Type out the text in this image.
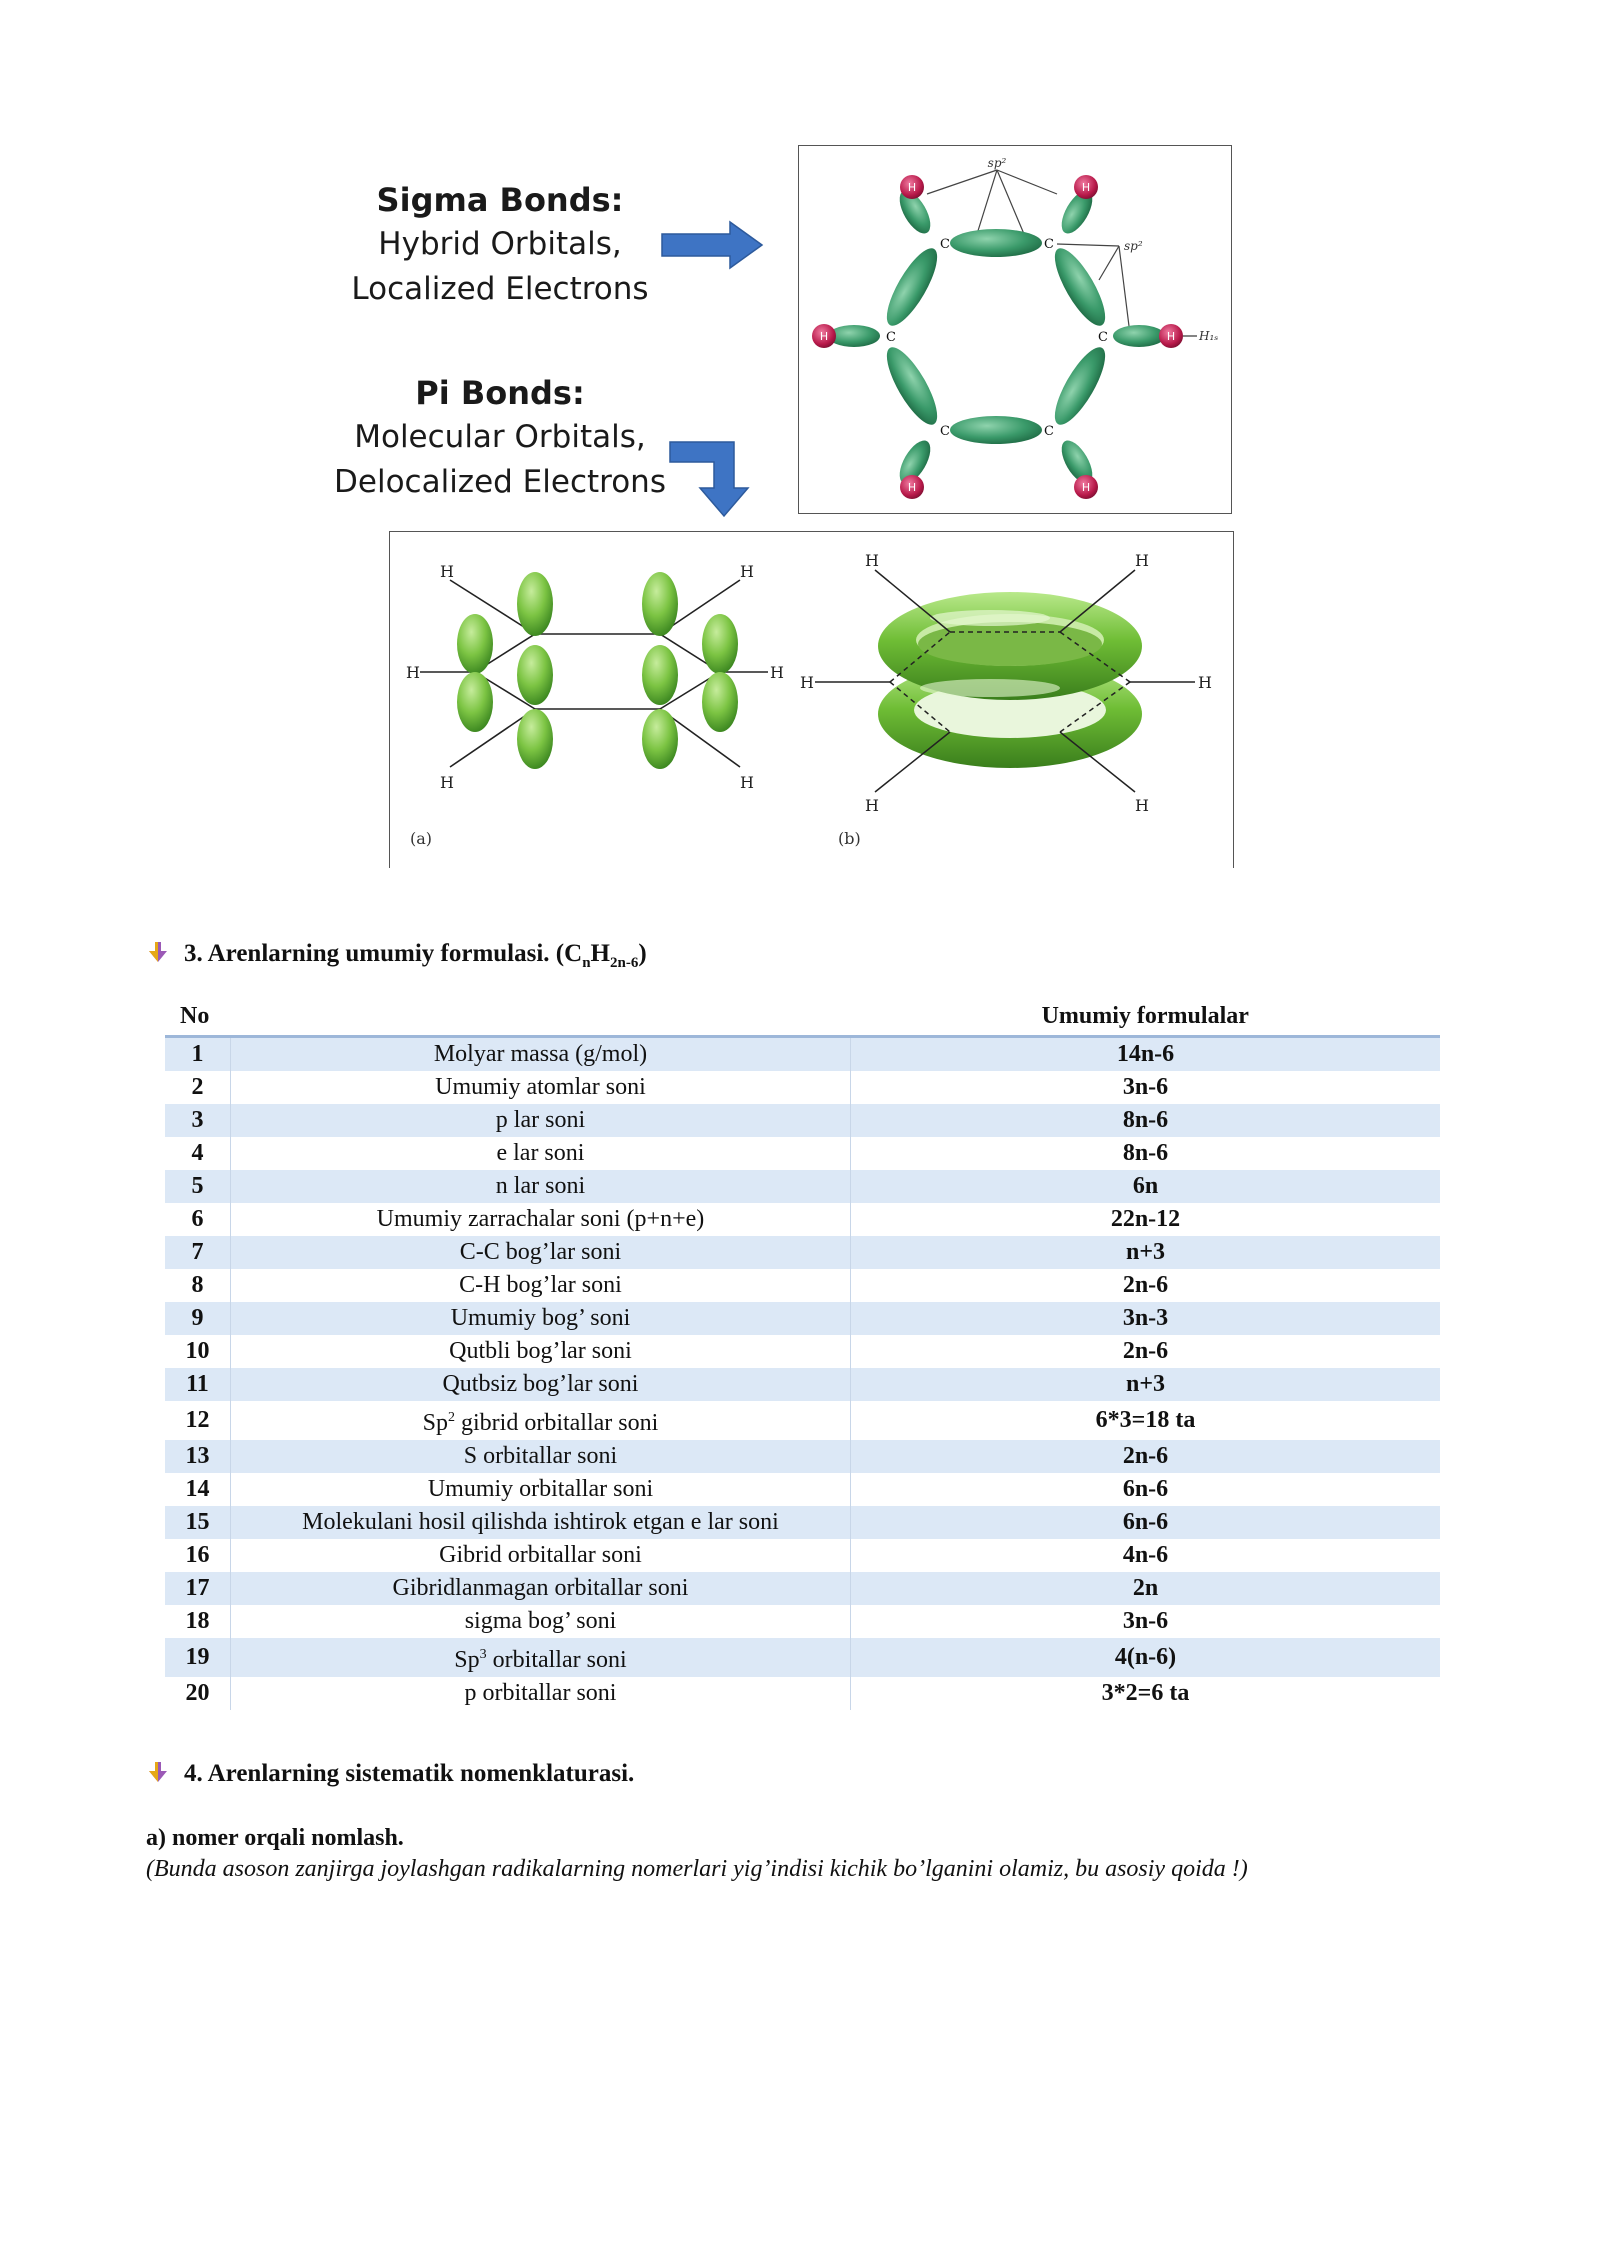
Sigma Bonds:
Hybrid Orbitals,
Localized Electrons
Pi Bonds:
Molecular Orbitals,
Delocalized Electrons
H	H
H	H
H	H
C	C
C	C
C	C
H₁ₛ
sp²
sp²
H	H
H	H
H	H
(a)
H	H
H	H
H	H
(b)
3. Arenlarning umumiy formulasi. $(C_nH_{2n-6})$
No		Umumiy formulalar
1	Molyar massa (g/mol)	14n-6
2	Umumiy atomlar soni	3n-6
3	p lar soni	8n-6
4	e lar soni	8n-6
5	n lar soni	6n
6	Umumiy zarrachalar soni (p+n+e)	22n-12
7	C-C bog’lar soni	n+3
8	C-H bog’lar soni	2n-6
9	Umumiy bog’ soni	3n-3
10	Qutbli bog’lar soni	2n-6
11	Qutbsiz bog’lar soni	n+3
12	Sp$^2$ gibrid orbitallar soni	6*3=18 ta
13	S orbitallar soni	2n-6
14	Umumiy orbitallar soni	6n-6
15	Molekulani hosil qilishda ishtirok etgan e lar soni	6n-6
16	Gibrid orbitallar soni	4n-6
17	Gibridlanmagan orbitallar soni	2n
18	sigma bog’ soni	3n-6
19	Sp$^3$ orbitallar soni	4(n-6)
20	p orbitallar soni	3*2=6 ta
4. Arenlarning sistematik nomenklaturasi.
a) nomer orqali nomlash.
(Bunda asoson zanjirga joylashgan radikalarning nomerlari yig’indisi kichik bo’lganini olamiz, bu asosiy qoida !)
